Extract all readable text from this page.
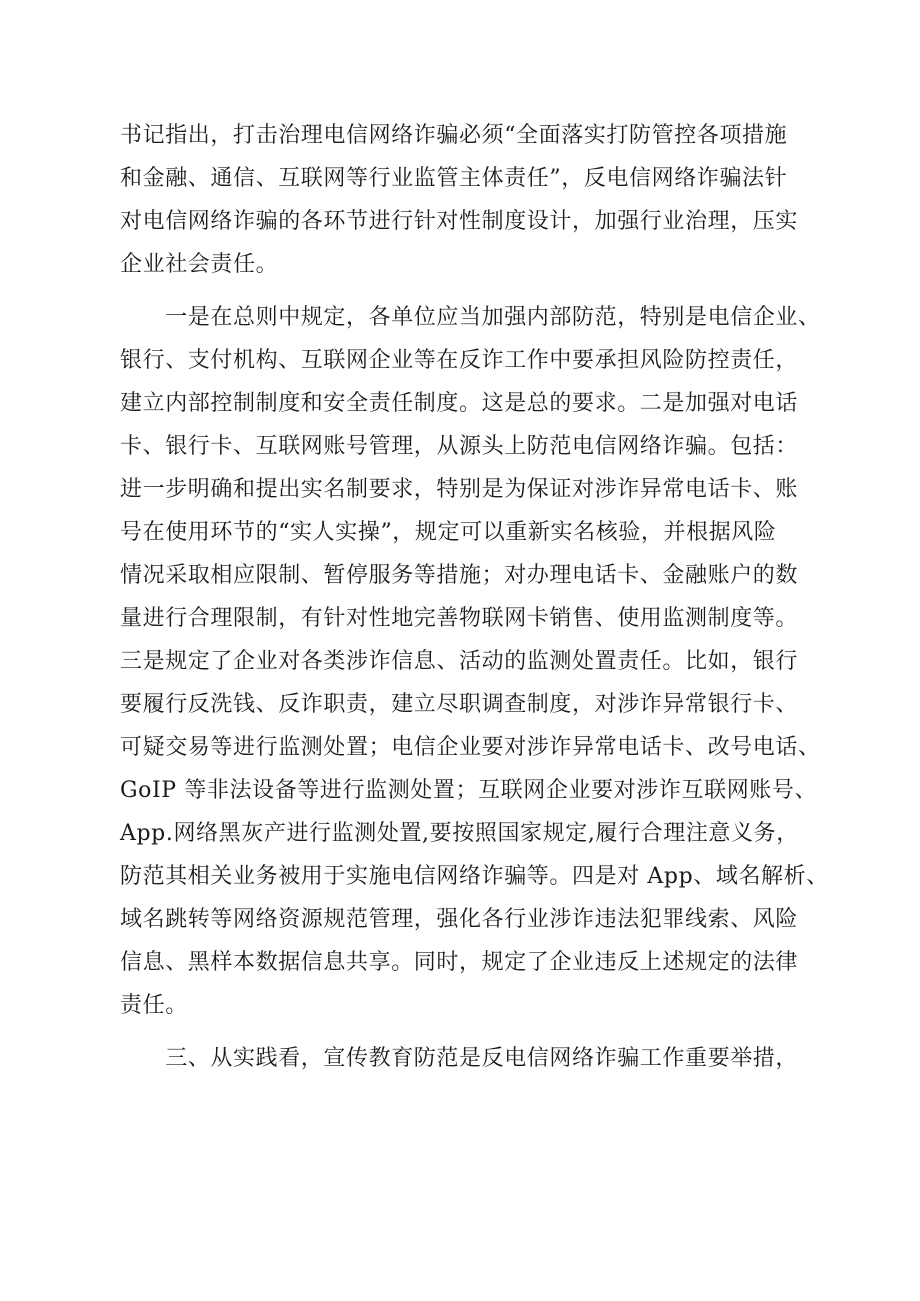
书记指出，打击治理电信网络诈骗必须“全面落实打防管控各项措施
和金融、通信、互联网等行业监管主体责任”，反电信网络诈骗法针
对电信网络诈骗的各环节进行针对性制度设计，加强行业治理，压实
企业社会责任。

　　一是在总则中规定，各单位应当加强内部防范，特别是电信企业、
银行、支付机构、互联网企业等在反诈工作中要承担风险防控责任，
建立内部控制制度和安全责任制度。这是总的要求。二是加强对电话
卡、银行卡、互联网账号管理，从源头上防范电信网络诈骗。包括：
进一步明确和提出实名制要求，特别是为保证对涉诈异常电话卡、账
号在使用环节的“实人实操”，规定可以重新实名核验，并根据风险
情况采取相应限制、暂停服务等措施；对办理电话卡、金融账户的数
量进行合理限制，有针对性地完善物联网卡销售、使用监测制度等。
三是规定了企业对各类涉诈信息、活动的监测处置责任。比如，银行
要履行反洗钱、反诈职责，建立尽职调查制度，对涉诈异常银行卡、
可疑交易等进行监测处置；电信企业要对涉诈异常电话卡、改号电话、
GoIP 等非法设备等进行监测处置；互联网企业要对涉诈互联网账号、
App.网络黑灰产进行监测处置,要按照国家规定,履行合理注意义务，
防范其相关业务被用于实施电信网络诈骗等。四是对 App、域名解析、
域名跳转等网络资源规范管理，强化各行业涉诈违法犯罪线索、风险
信息、黑样本数据信息共享。同时，规定了企业违反上述规定的法律
责任。

　　三、从实践看，宣传教育防范是反电信网络诈骗工作重要举措，
